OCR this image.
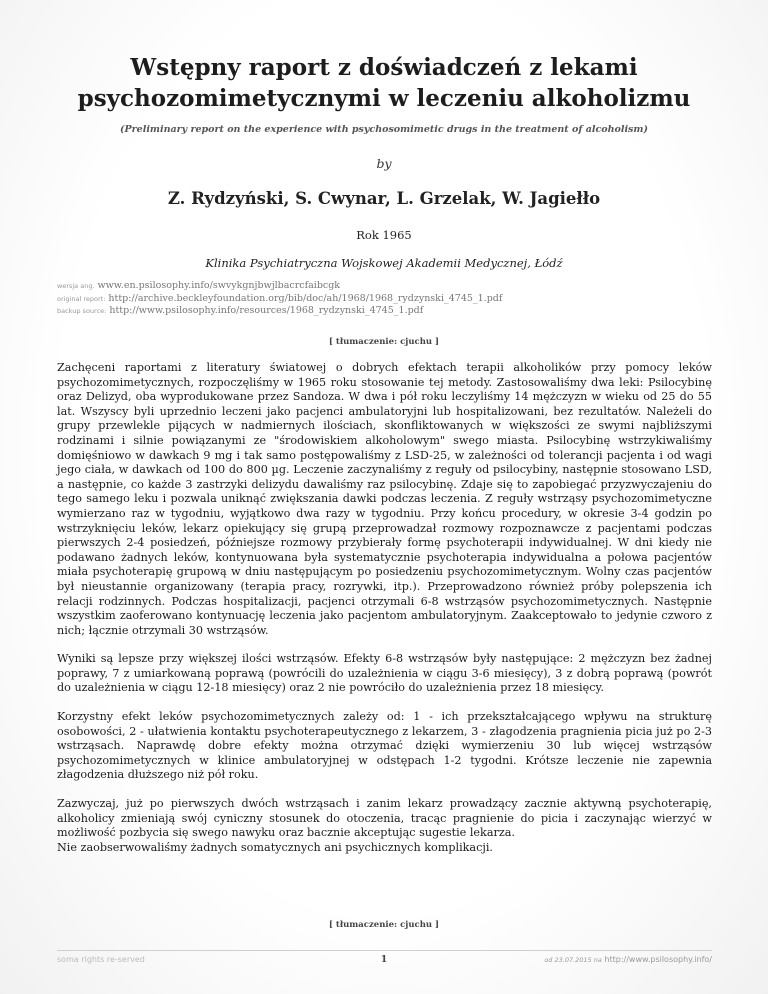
Wstępny raport z doświadczeń z lekami
psychozomimetycznymi w leczeniu alkoholizmu
(Preliminary report on the experience with psychosomimetic drugs in the treatment of alcoholism)
by
Z. Rydzyński, S. Cwynar, L. Grzelak, W. Jagiełło
Rok 1965
Klinika Psychiatryczna Wojskowej Akademii Medycznej, Łódź
wersja ang. www.en.psilosophy.info/swvykgnjbwjlbacrcfaibcgk
original report: http://archive.beckleyfoundation.org/bib/doc/ah/1968/1968_rydzynski_4745_1.pdf
backup source: http://www.psilosophy.info/resources/1968_rydzynski_4745_1.pdf
[ tłumaczenie: cjuchu ]

Zachęceni raportami z literatury światowej o dobrych efektach terapii alkoholików przy pomocy leków psychozomimetycznych, rozpoczęliśmy w 1965 roku stosowanie tej metody. Zastosowaliśmy dwa leki: Psilocybinę oraz Delizyd, oba wyprodukowane przez Sandoza. W dwa i pół roku leczyliśmy 14 mężczyzn w wieku od 25 do 55 lat. Wszyscy byli uprzednio leczeni jako pacjenci ambulatoryjni lub hospitalizowani, bez rezultatów. Należeli do grupy przewlekle pijących w nadmiernych ilościach, skonfliktowanych w większości ze swymi najbliższymi rodzinami i silnie powiązanymi ze "środowiskiem alkoholowym" swego miasta. Psilocybinę wstrzykiwaliśmy domięśniowo w dawkach 9 mg i tak samo postępowaliśmy z LSD-25, w zależności od tolerancji pacjenta i od wagi jego ciała, w dawkach od 100 do 800 µg. Leczenie zaczynaliśmy z reguły od psilocybiny, następnie stosowano LSD, a następnie, co każde 3 zastrzyki delizydu dawaliśmy raz psilocybinę. Zdaje się to zapobiegać przyzwyczajeniu do tego samego leku i pozwala uniknąć zwiększania dawki podczas leczenia. Z reguły wstrząsy psychozomimetyczne wymierzano raz w tygodniu, wyjątkowo dwa razy w tygodniu. Przy końcu procedury, w okresie 3-4 godzin po wstrzyknięciu leków, lekarz opiekujący się grupą przeprowadzał rozmowy rozpoznawcze z pacjentami podczas pierwszych 2-4 posiedzeń, późniejsze rozmowy przybierały formę psychoterapii indywidualnej. W dni kiedy nie podawano żadnych leków, kontynuowana była systematycznie psychoterapia indywidualna a połowa pacjentów miała psychoterapię grupową w dniu następującym po posiedzeniu psychozomimetycznym. Wolny czas pacjentów był nieustannie organizowany (terapia pracy, rozrywki, itp.). Przeprowadzono również próby polepszenia ich relacji rodzinnych. Podczas hospitalizacji, pacjenci otrzymali 6-8 wstrząsów psychozomimetycznych. Następnie wszystkim zaoferowano kontynuację leczenia jako pacjentom ambulatoryjnym. Zaakceptowało to jedynie czworo z nich; łącznie otrzymali 30 wstrząsów.

Wyniki są lepsze przy większej ilości wstrząsów. Efekty 6-8 wstrząsów były następujące: 2 mężczyzn bez żadnej poprawy, 7 z umiarkowaną poprawą (powrócili do uzależnienia w ciągu 3-6 miesięcy), 3 z dobrą poprawą (powrót do uzależnienia w ciągu 12-18 miesięcy) oraz 2 nie powróciło do uzależnienia przez 18 miesięcy.

Korzystny efekt leków psychozomimetycznych zależy od: 1 - ich przekształcającego wpływu na strukturę osobowości, 2 - ułatwienia kontaktu psychoterapeutycznego z lekarzem, 3 - złagodzenia pragnienia picia już po 2-3 wstrząsach. Naprawdę dobre efekty można otrzymać dzięki wymierzeniu 30 lub więcej wstrząsów psychozomimetycznych w klinice ambulatoryjnej w odstępach 1-2 tygodni. Krótsze leczenie nie zapewnia złagodzenia dłuższego niż pół roku.

Zazwyczaj, już po pierwszych dwóch wstrząsach i zanim lekarz prowadzący zacznie aktywną psychoterapię, alkoholicy zmieniają swój cyniczny stosunek do otoczenia, tracąc pragnienie do picia i zaczynając wierzyć w możliwość pozbycia się swego nawyku oraz bacznie akceptując sugestie lekarza.

Nie zaobserwowaliśmy żadnych somatycznych ani psychicznych komplikacji.

[ tłumaczenie: cjuchu ]
soma rights re-served	1	od 23.07.2015 na http://www.psilosophy.info/
